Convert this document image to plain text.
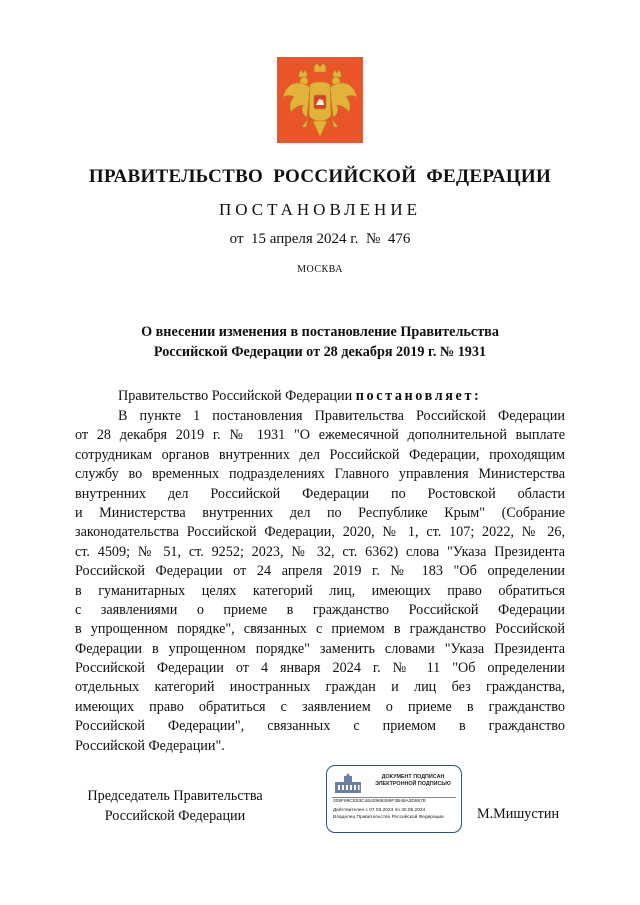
ПРАВИТЕЛЬСТВО  РОССИЙСКОЙ  ФЕДЕРАЦИИ
ПОСТАНОВЛЕНИЕ
от  15 апреля 2024 г.  №  476
МОСКВА
О внесении изменения в постановление Правительства
Российской Федерации от 28 декабря 2019 г. № 1931
Правительство Российской Федерации постановляет:
В пункте 1 постановления Правительства Российской Федерации
от 28 декабря 2019 г. № 1931 "О ежемесячной дополнительной выплате
сотрудникам органов внутренних дел Российской Федерации, проходящим
службу во временных подразделениях Главного управления Министерства
внутренних дел Российской Федерации по Ростовской области
и Министерства внутренних дел по Республике Крым" (Собрание
законодательства Российской Федерации, 2020, № 1, ст. 107; 2022, № 26,
ст. 4509; № 51, ст. 9252; 2023, № 32, ст. 6362) слова "Указа Президента
Российской Федерации от 24 апреля 2019 г. № 183 "Об определении
в гуманитарных целях категорий лиц, имеющих право обратиться
с заявлениями о приеме в гражданство Российской Федерации
в упрощенном порядке", связанных с приемом в гражданство Российской
Федерации в упрощенном порядке" заменить словами "Указа Президента
Российской Федерации от 4 января 2024 г. № 11 "Об определении
отдельных категорий иностранных граждан и лиц без гражданства,
имеющих право обратиться с заявлением о приеме в гражданство
Российской Федерации", связанных с приемом в гражданство
Российской Федерации".
Председатель Правительства
Российской Федерации
ДОКУМЕНТ ПОДПИСАН
ЭЛЕКТРОННОЙ ПОДПИСЬЮ
209F99CE53C4642966369F3B48A3D867E
Действителен с 07.03.2023 по 30.05.2024
Владелец Правительство Российской Федерации	М.Мишустин
